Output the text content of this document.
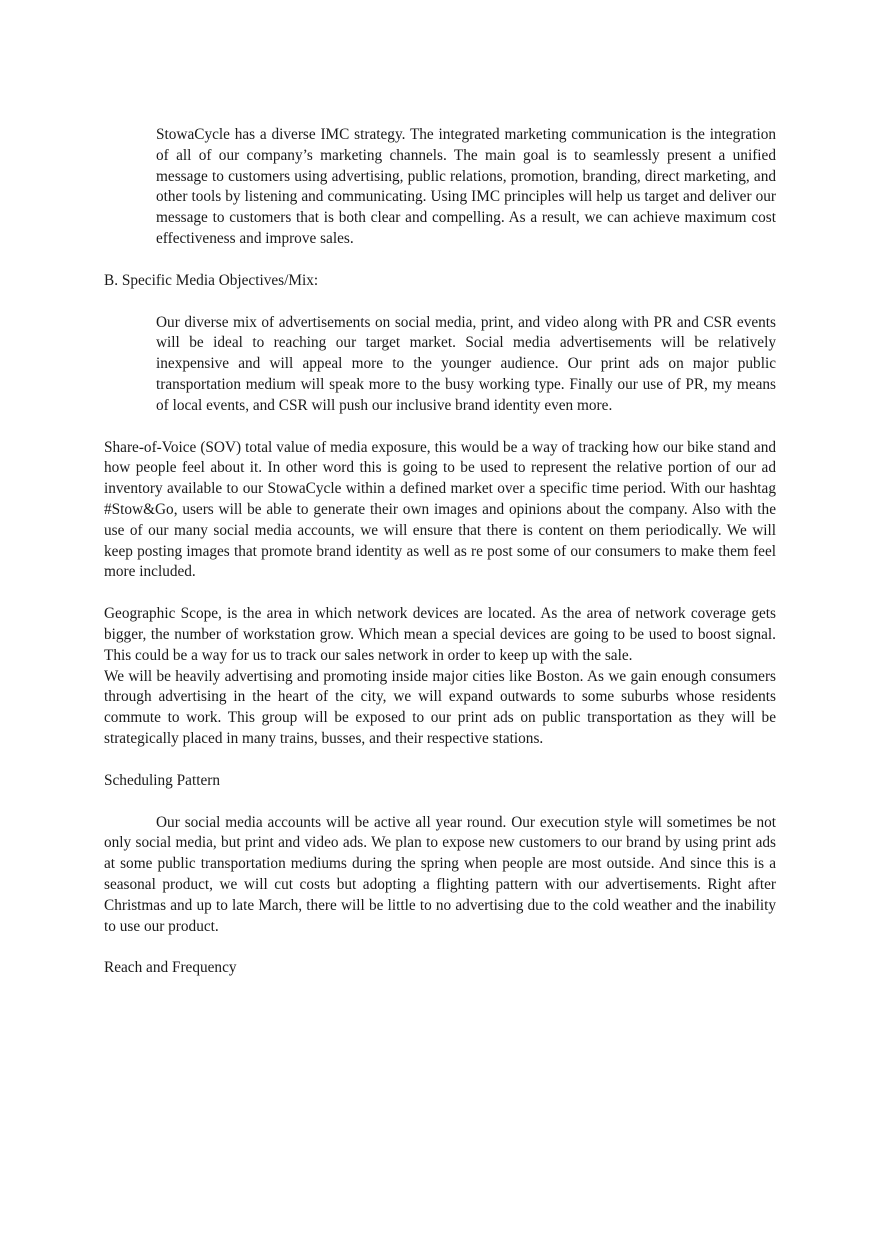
StowaCycle has a diverse IMC strategy. The integrated marketing communication is the integration of all of our company’s marketing channels. The main goal is to seamlessly present a unified message to customers using advertising, public relations, promotion, branding, direct marketing, and other tools by listening and communicating. Using IMC principles will help us target and deliver our message to customers that is both clear and compelling. As a result, we can achieve maximum cost effectiveness and improve sales.

B. Specific Media Objectives/Mix:

Our diverse mix of advertisements on social media, print, and video along with PR and CSR events will be ideal to reaching our target market. Social media advertisements will be relatively inexpensive and will appeal more to the younger audience. Our print ads on major public transportation medium will speak more to the busy working type. Finally our use of PR, my means of local events, and CSR will push our inclusive brand identity even more.

Share-of-Voice (SOV) total value of media exposure, this would be a way of tracking how our bike stand and how people feel about it. In other word this is going to be used to represent the relative portion of our ad inventory available to our StowaCycle within a defined market over a specific time period. With our hashtag #Stow&Go, users will be able to generate their own images and opinions about the company. Also with the use of our many social media accounts, we will ensure that there is content on them periodically. We will keep posting images that promote brand identity as well as re post some of our consumers to make them feel more included.

Geographic Scope, is the area in which network devices are located. As the area of network coverage gets bigger, the number of workstation grow. Which mean a special devices are going to be used to boost signal. This could be a way for us to track our sales network in order to keep up with the sale.

We will be heavily advertising and promoting inside major cities like Boston. As we gain enough consumers through advertising in the heart of the city, we will expand outwards to some suburbs whose residents commute to work. This group will be exposed to our print ads on public transportation as they will be strategically placed in many trains, busses, and their respective stations.

Scheduling Pattern

Our social media accounts will be active all year round. Our execution style will sometimes be not only social media, but print and video ads. We plan to expose new customers to our brand by using print ads at some public transportation mediums during the spring when people are most outside. And since this is a seasonal product, we will cut costs but adopting a flighting pattern with our advertisements. Right after Christmas and up to late March, there will be little to no advertising due to the cold weather and the inability to use our product.

Reach and Frequency
